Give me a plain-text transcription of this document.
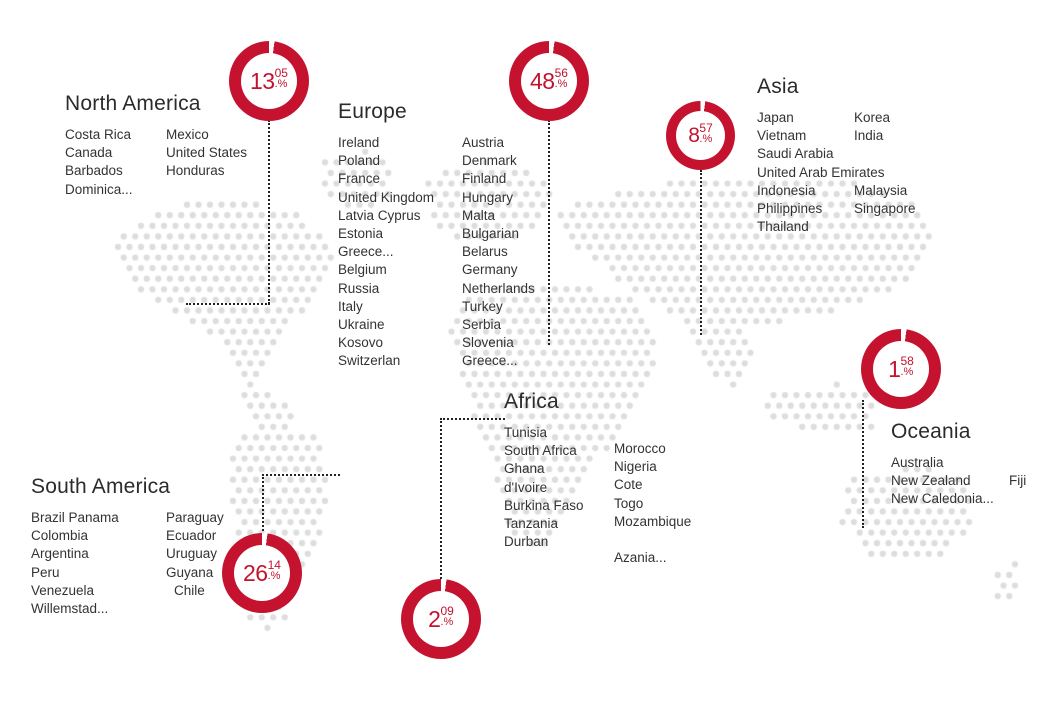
North America
Costa Rica
Canada
Barbados
Dominica...
Mexico
United States
Honduras
Europe
Ireland
Poland
France
United Kingdom
Latvia Cyprus
Estonia
Greece...
Belgium
Russia
Italy
Ukraine
Kosovo
Switzerlan
Austria
Denmark
Finland
Hungary
Malta
Bulgarian
Belarus
Germany
Netherlands
Turkey
Serbia
Slovenia
Greece...
Asia
Japan
Vietnam
Saudi Arabia
United Arab Emirates
Indonesia
Philippines
Thailand
Korea
India

Malaysia
Singapore
Oceania
Australia
New Zealand
New Caledonia...

Fiji
Africa
Tunisia
South Africa
Ghana
d'Ivoire
Burkina Faso
Tanzania
Durban
Morocco
Nigeria
Cote
Togo
Mozambique

Azania...
South America
Brazil Panama
Colombia
Argentina
Peru
Venezuela
Willemstad...
Paraguay
Ecuador
Uruguay
Guyana
Chile
13 05
.%	48 56
.%
8 57
.%
1 58
.%
2 09
.%
26 14
.%
